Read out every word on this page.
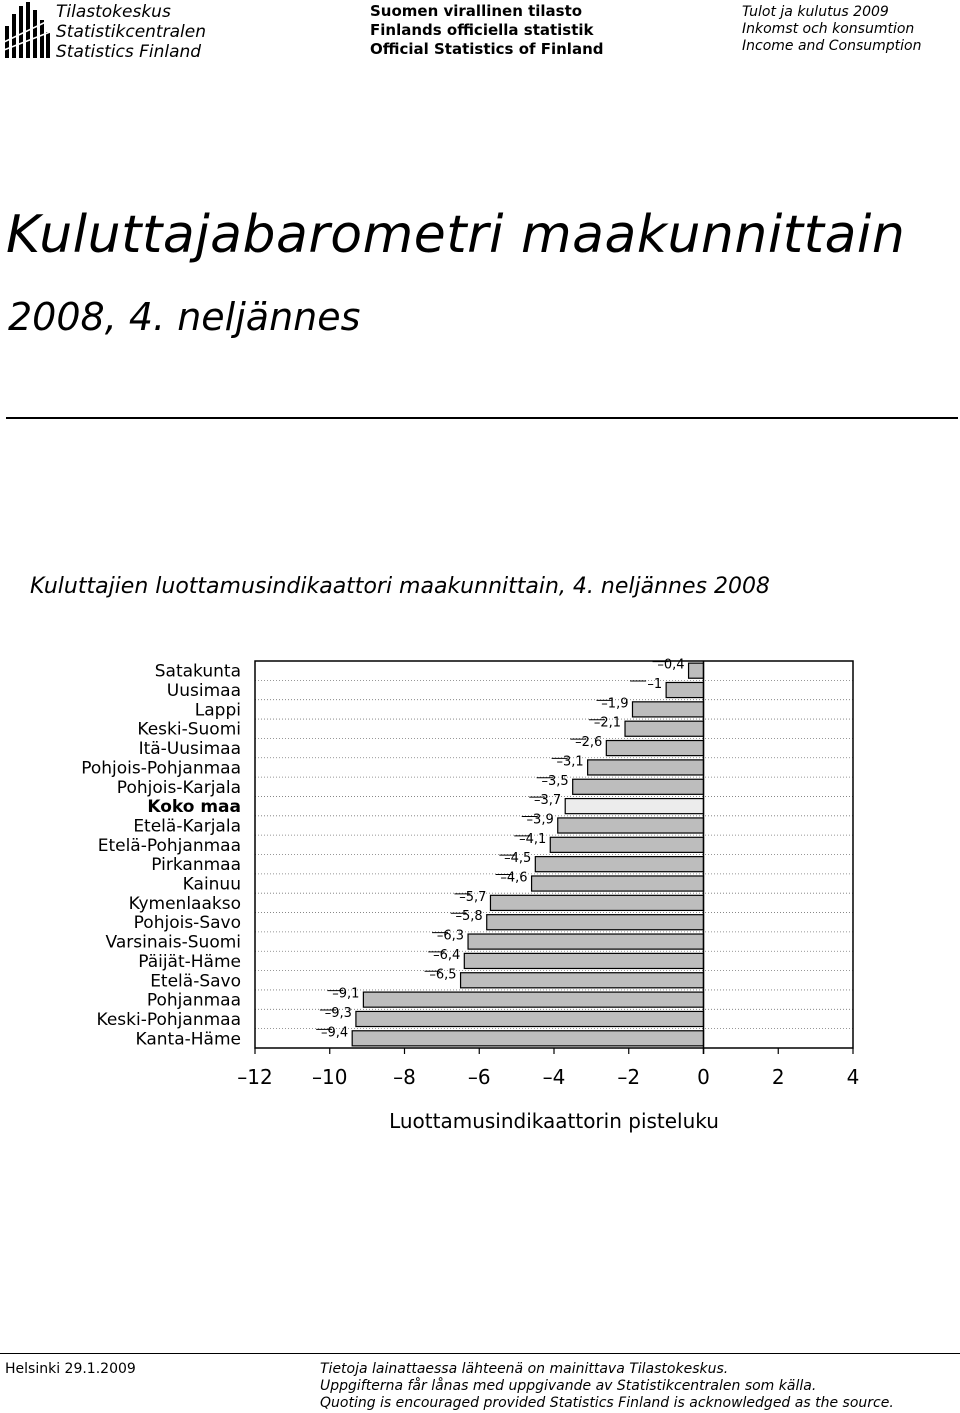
Tilastokeskus
Statistikcentralen
Statistics Finland
Suomen virallinen tilasto
Finlands officiella statistik
Official Statistics of Finland
Tulot ja kulutus 2009
Inkomst och konsumtion
Income and Consumption
Kuluttajabarometri maakunnittain
2008, 4. neljännes
Kuluttajien luottamusindikaattori maakunnittain, 4. neljännes 2008
–0,4
–1
–1,9
–2,1
–2,6
–3,1
–3,5
–3,7
–3,9
–4,1
–4,5
–4,6
–5,7
–5,8
–6,3
–6,4
–6,5
–9,1
–9,3
–9,4
Satakunta
Uusimaa
Lappi
Keski-Suomi
Itä-Uusimaa
Pohjois-Pohjanmaa
Pohjois-Karjala
Koko maa
Etelä-Karjala
Etelä-Pohjanmaa
Pirkanmaa
Kainuu
Kymenlaakso
Pohjois-Savo
Varsinais-Suomi
Päijät-Häme
Etelä-Savo
Pohjanmaa
Keski-Pohjanmaa
Kanta-Häme
–12 –10 –8	–6	–4	–2	0	2	4
Luottamusindikaattorin pisteluku
Helsinki 29.1.2009	Tietoja lainattaessa lähteenä on mainittava Tilastokeskus.
Uppgifterna får lånas med uppgivande av Statistikcentralen som källa.
Quoting is encouraged provided Statistics Finland is acknowledged as the source.
